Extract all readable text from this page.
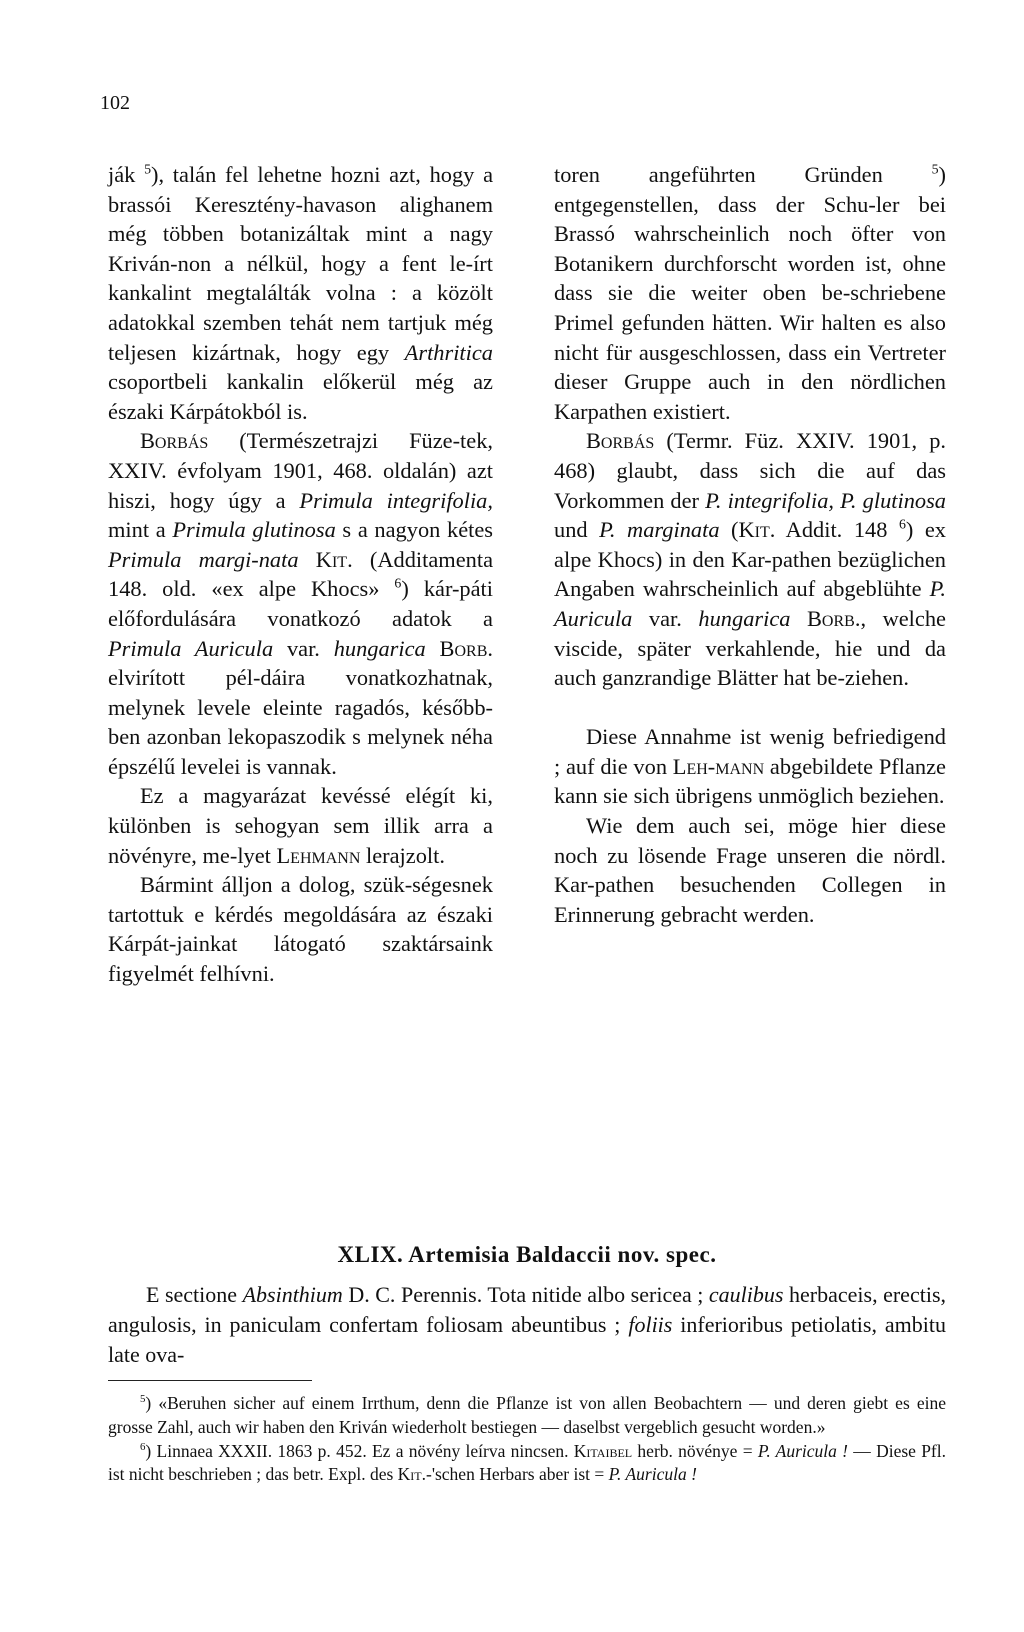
102

ják $^5$), talán fel lehetne hozni azt, hogy a brassói Keresztény-havason alighanem még többen botanizáltak mint a nagy Kriván-non a nélkül, hogy a fent le-írt kankalint megtalálták volna : a közölt adatokkal szemben tehát nem tartjuk még teljesen kizártnak, hogy egy Arthritica csoportbeli kankalin előkerül még az északi Kárpátokból is.

Borbás (Természetrajzi Füze-tek, XXIV. évfolyam 1901, 468. oldalán) azt hiszi, hogy úgy a Primula integrifolia, mint a Primula glutinosa s a nagyon kétes Primula margi-nata Kit. (Additamenta 148. old. «ex alpe Khocs» $^6$) kár-páti előfordulására vonatkozó adatok a Primula Auricula var. hungarica Borb. elvirított pél-dáira vonatkozhatnak, melynek levele eleinte ragadós, később-ben azonban lekopaszodik s melynek néha épszélű levelei is vannak.

Ez a magyarázat kevéssé elégít ki, különben is sehogyan sem illik arra a növényre, me-lyet Lehmann lerajzolt.

Bármint álljon a dolog, szük-ségesnek tartottuk e kérdés megoldására az északi Kárpát-jainkat látogató szaktársaink figyelmét felhívni.

toren angeführten Gründen $^5$) entgegenstellen, dass der Schu-ler bei Brassó wahrscheinlich noch öfter von Botanikern durchforscht worden ist, ohne dass sie die weiter oben be-schriebene Primel gefunden hätten. Wir halten es also nicht für ausgeschlossen, dass ein Vertreter dieser Gruppe auch in den nördlichen Karpathen existiert.

Borbás (Termr. Füz. XXIV. 1901, p. 468) glaubt, dass sich die auf das Vorkommen der P. integrifolia, P. glutinosa und P. marginata (Kit. Addit. 148 $^6$) ex alpe Khocs) in den Kar-pathen bezüglichen Angaben wahrscheinlich auf abgeblühte P. Auricula var. hungarica Borb., welche viscide, später verkahlende, hie und da auch ganzrandige Blätter hat be-ziehen.

Diese Annahme ist wenig befriedigend ; auf die von Leh-mann abgebildete Pflanze kann sie sich übrigens unmöglich beziehen.

Wie dem auch sei, möge hier diese noch zu lösende Frage unseren die nördl. Kar-pathen besuchenden Collegen in Erinnerung gebracht werden.

XLIX. Artemisia Baldaccii nov. spec.

E sectione Absinthium D. C. Perennis. Tota nitide albo sericea ; caulibus herbaceis, erectis, angulosis, in paniculam confertam foliosam abeuntibus ; foliis inferioribus petiolatis, ambitu late ova-

$^5$) «Beruhen sicher auf einem Irrthum, denn die Pflanze ist von allen Beobachtern — und deren giebt es eine grosse Zahl, auch wir haben den Kriván wiederholt bestiegen — daselbst vergeblich gesucht worden.»

$^6$) Linnaea XXXII. 1863 p. 452. Ez a növény leírva nincsen. Kitaibel herb. növénye = P. Auricula ! — Diese Pfl. ist nicht beschrieben ; das betr. Expl. des Kit.-'schen Herbars aber ist = P. Auricula !
